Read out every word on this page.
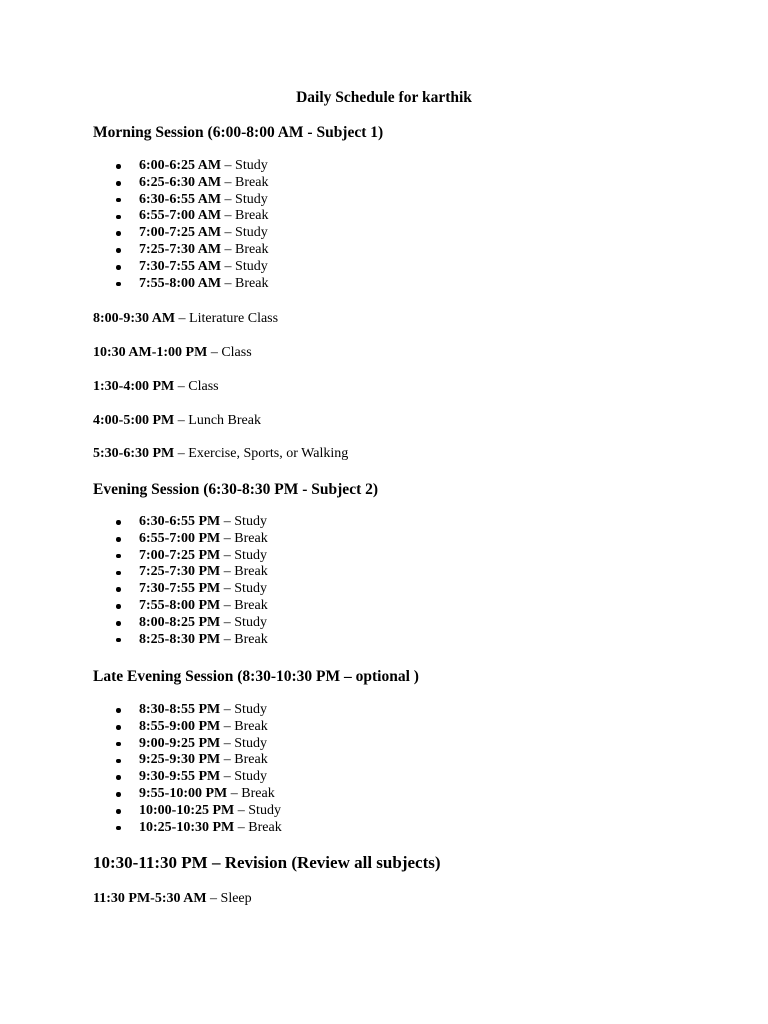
Daily Schedule for karthik
Morning Session (6:00-8:00 AM - Subject 1)
6:00-6:25 AM – Study
6:25-6:30 AM – Break
6:30-6:55 AM – Study
6:55-7:00 AM – Break
7:00-7:25 AM – Study
7:25-7:30 AM – Break
7:30-7:55 AM – Study
7:55-8:00 AM – Break
8:00-9:30 AM – Literature Class
10:30 AM-1:00 PM – Class
1:30-4:00 PM – Class
4:00-5:00 PM – Lunch Break
5:30-6:30 PM – Exercise, Sports, or Walking
Evening Session (6:30-8:30 PM - Subject 2)
6:30-6:55 PM – Study
6:55-7:00 PM – Break
7:00-7:25 PM – Study
7:25-7:30 PM – Break
7:30-7:55 PM – Study
7:55-8:00 PM – Break
8:00-8:25 PM – Study
8:25-8:30 PM – Break
Late Evening Session (8:30-10:30 PM – optional )
8:30-8:55 PM – Study
8:55-9:00 PM – Break
9:00-9:25 PM – Study
9:25-9:30 PM – Break
9:30-9:55 PM – Study
9:55-10:00 PM – Break
10:00-10:25 PM – Study
10:25-10:30 PM – Break
10:30-11:30 PM – Revision (Review all subjects)
11:30 PM-5:30 AM – Sleep
